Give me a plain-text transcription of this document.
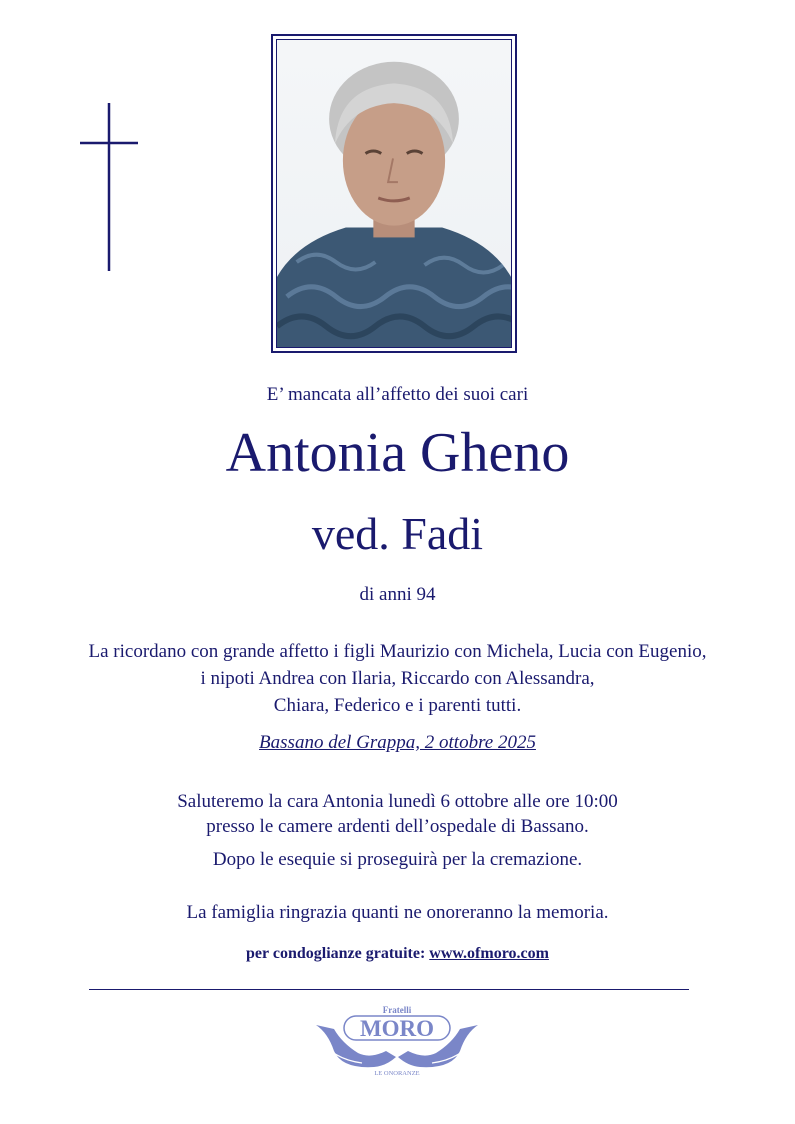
E’ mancata all’affetto dei suoi cari
Antonia Gheno
ved. Fadi
di anni 94
La ricordano con grande affetto i figli Maurizio con Michela, Lucia con Eugenio,
i nipoti Andrea con Ilaria, Riccardo con Alessandra,
Chiara, Federico e i parenti tutti.
Bassano del Grappa, 2 ottobre 2025
Saluteremo la cara Antonia lunedì 6 ottobre alle ore 10:00
presso le camere ardenti dell’ospedale di Bassano.
Dopo le esequie si proseguirà per la cremazione.
La famiglia ringrazia quanti ne onoreranno la memoria.
per condoglianze gratuite: www.ofmoro.com
Fratelli
MORO
LE ONORANZE
